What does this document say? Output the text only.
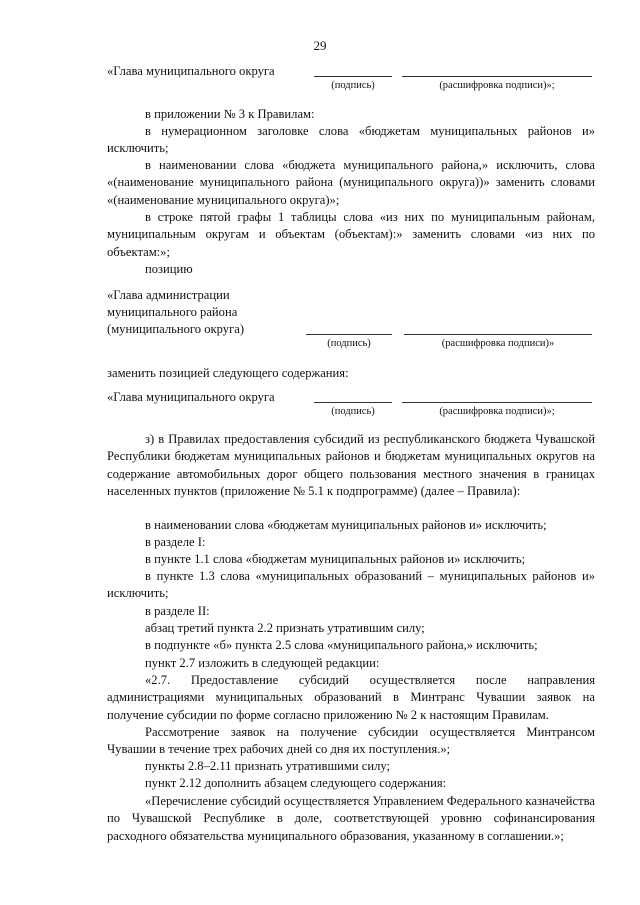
29
«Глава муниципального округа
(подпись)	(расшифровка подписи)»;
в приложении № 3 к Правилам:

в нумерационном заголовке слова «бюджетам муниципальных районов и» исключить;

в наименовании слова «бюджета муниципального района,» исключить, слова «(наименование муниципального района (муниципального округа))» заменить словами «(наименование муниципального округа)»;

в строке пятой графы 1 таблицы слова «из них по муниципальным районам, муниципальным округам и объектам (объектам):» заменить словами «из них по объектам:»;

позицию
«Глава администрации
муниципального района
(муниципального округа)
(подпись)	(расшифровка подписи)»
заменить позицией следующего содержания:
«Глава муниципального округа
(подпись)	(расшифровка подписи)»;

з) в Правилах предоставления субсидий из республиканского бюджета Чувашской Республики бюджетам муниципальных районов и бюджетам муниципальных округов на содержание автомобильных дорог общего пользования местного значения в границах населенных пунктов (приложение № 5.1 к подпрограмме) (далее – Правила):

в наименовании слова «бюджетам муниципальных районов и» исключить;

в разделе I:
в пункте 1.1 слова «бюджетам муниципальных районов и» исключить;

в пункте 1.3 слова «муниципальных образований – муниципальных районов и» исключить;

в разделе II:
абзац третий пункта 2.2 признать утратившим силу;
в подпункте «б» пункта 2.5 слова «муниципального района,» исключить;
пункт 2.7 изложить в следующей редакции:

«2.7. Предоставление субсидий осуществляется после направления администрациями муниципальных образований в Минтранс Чувашии заявок на получение субсидии по форме согласно приложению № 2 к настоящим Правилам.

Рассмотрение заявок на получение субсидии осуществляется Минтрансом Чувашии в течение трех рабочих дней со дня их поступления.»;

пункты 2.8–2.11 признать утратившими силу;
пункт 2.12 дополнить абзацем следующего содержания:

«Перечисление субсидий осуществляется Управлением Федерального казначейства по Чувашской Республике в доле, соответствующей уровню софинансирования расходного обязательства муниципального образования, указанному в соглашении.»;
